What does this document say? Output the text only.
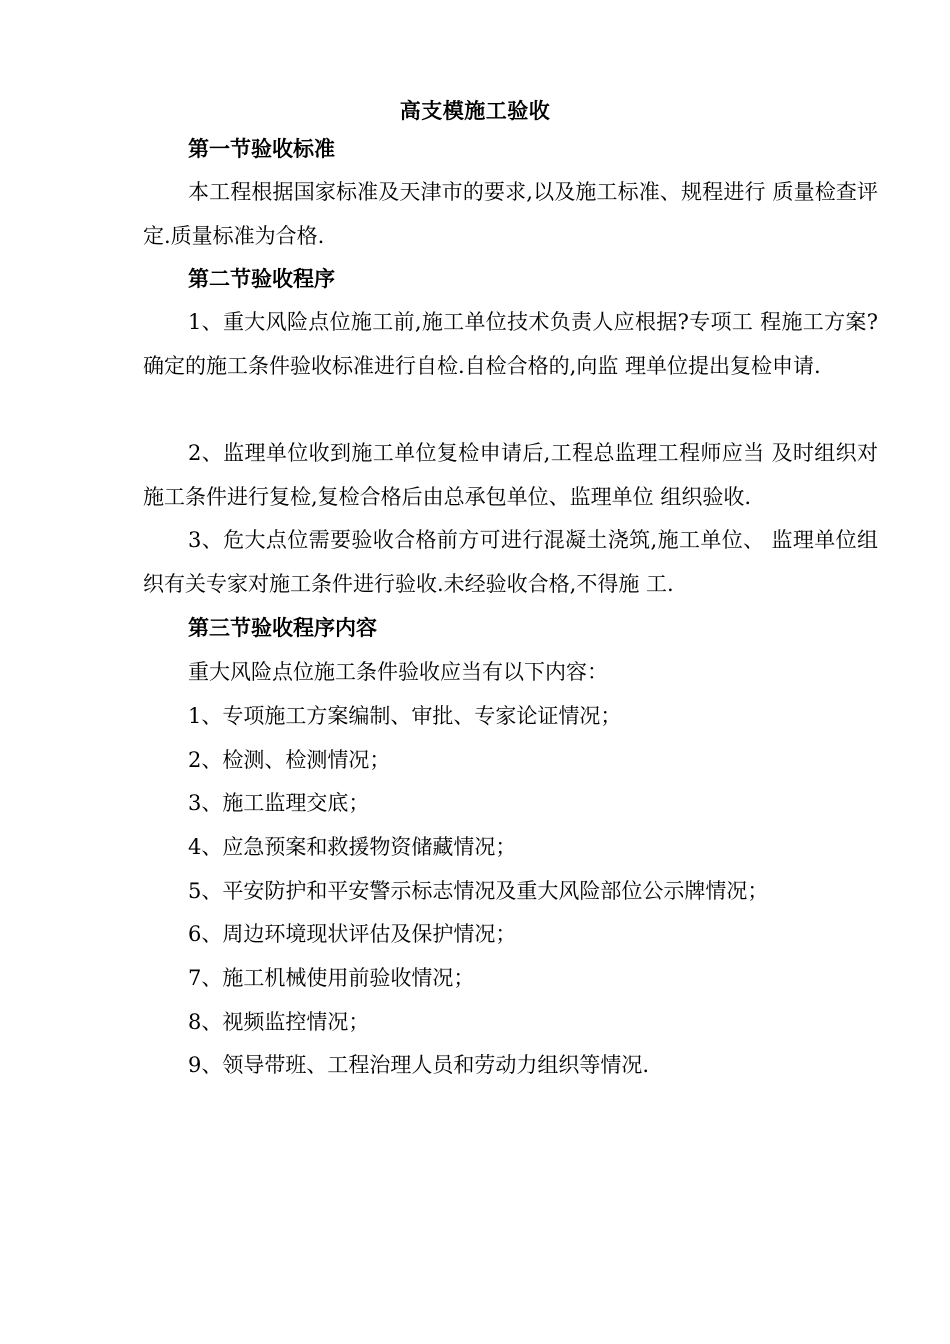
高支模施工验收
第一节验收标准
本工程根据国家标准及天津市的要求,以及施工标准、规程进行 质量检查评定.质量标准为合格.
第二节验收程序
1、重大风险点位施工前,施工单位技术负责人应根据?专项工 程施工方案?确定的施工条件验收标准进行自检.自检合格的,向监 理单位提出复检申请.
2、监理单位收到施工单位复检申请后,工程总监理工程师应当 及时组织对施工条件进行复检,复检合格后由总承包单位、监理单位 组织验收.
3、危大点位需要验收合格前方可进行混凝土浇筑,施工单位、 监理单位组织有关专家对施工条件进行验收.未经验收合格,不得施 工.
第三节验收程序内容
重大风险点位施工条件验收应当有以下内容：
1、专项施工方案编制、审批、专家论证情况；
2、检测、检测情况；
3、施工监理交底；
4、应急预案和救援物资储藏情况；
5、平安防护和平安警示标志情况及重大风险部位公示牌情况；
6、周边环境现状评估及保护情况；
7、施工机械使用前验收情况；
8、视频监控情况；
9、领导带班、工程治理人员和劳动力组织等情况.
